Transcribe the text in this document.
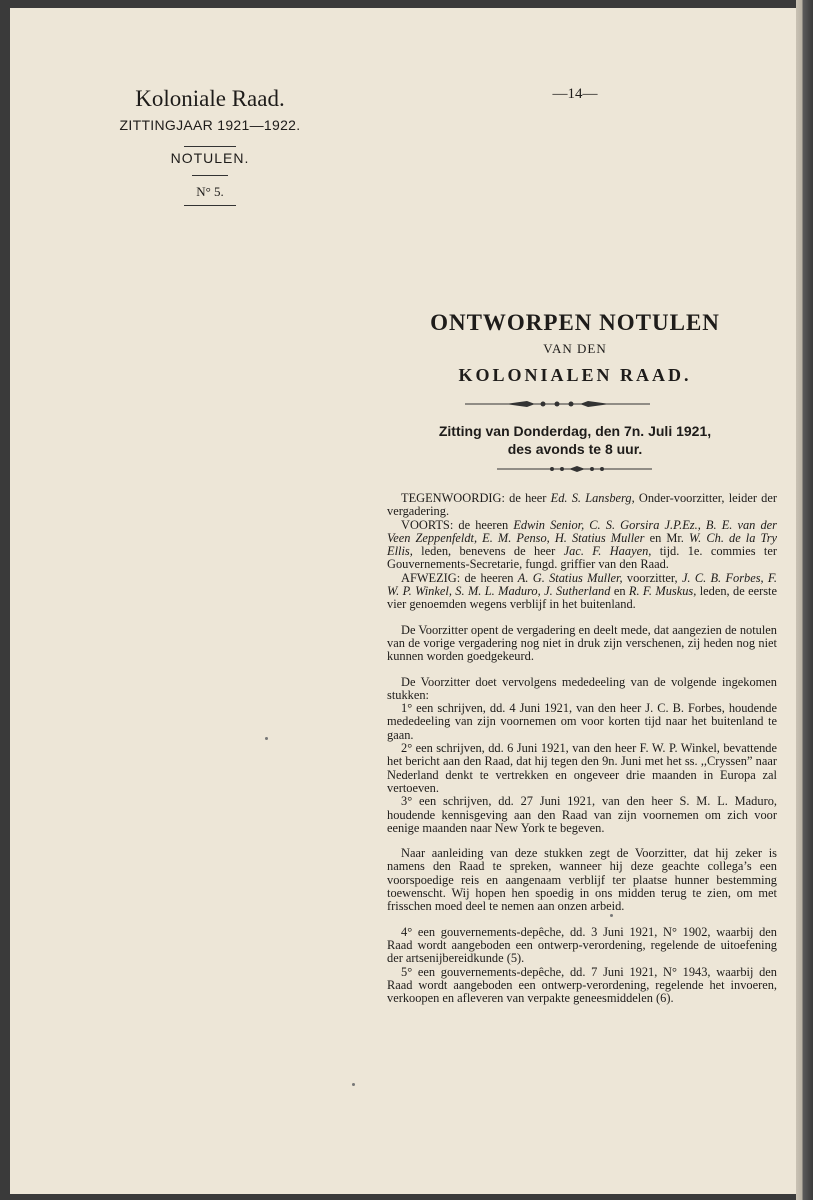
Koloniale Raad.
ZITTINGJAAR 1921—1922.
NOTULEN.
N° 5.
—14—
ONTWORPEN NOTULEN
VAN DEN
KOLONIALEN RAAD.
Zitting van Donderdag, den 7n. Juli 1921,
des avonds te 8 uur.

TEGENWOORDIG: de heer Ed. S. Lansberg, Onder-voorzitter, leider der vergadering.

VOORTS: de heeren Edwin Senior, C. S. Gorsira J.P.Ez., B. E. van der Veen Zeppenfeldt, E. M. Penso, H. Statius Muller en Mr. W. Ch. de la Try Ellis, leden, benevens de heer Jac. F. Haayen, tijd. 1e. commies ter Gouvernements-Secretarie, fungd. griffier van den Raad.

AFWEZIG: de heeren A. G. Statius Muller, voorzitter, J. C. B. Forbes, F. W. P. Winkel, S. M. L. Maduro, J. Sutherland en R. F. Muskus, leden, de eerste vier genoemden wegens verblijf in het buitenland.

De Voorzitter opent de vergadering en deelt mede, dat aangezien de notulen van de vorige vergadering nog niet in druk zijn verschenen, zij heden nog niet kunnen worden goedgekeurd.

De Voorzitter doet vervolgens mededeeling van de volgende ingekomen stukken:

1° een schrijven, dd. 4 Juni 1921, van den heer J. C. B. Forbes, houdende mededeeling van zijn voornemen om voor korten tijd naar het buitenland te gaan.

2° een schrijven, dd. 6 Juni 1921, van den heer F. W. P. Winkel, bevattende het bericht aan den Raad, dat hij tegen den 9n. Juni met het ss. ,,Cryssen” naar Nederland denkt te vertrekken en ongeveer drie maanden in Europa zal vertoeven.

3° een schrijven, dd. 27 Juni 1921, van den heer S. M. L. Maduro, houdende kennisgeving aan den Raad van zijn voornemen om zich voor eenige maanden naar New York te begeven.

Naar aanleiding van deze stukken zegt de Voorzitter, dat hij zeker is namens den Raad te spreken, wanneer hij deze geachte collega’s een voorspoedige reis en aangenaam verblijf ter plaatse hunner bestemming toewenscht. Wij hopen hen spoedig in ons midden terug te zien, om met frisschen moed deel te nemen aan onzen arbeid.

4° een gouvernements-depêche, dd. 3 Juni 1921, N° 1902, waarbij den Raad wordt aangeboden een ontwerp-verordening, regelende de uitoefening der artsenijbereidkunde (5).

5° een gouvernements-depêche, dd. 7 Juni 1921, N° 1943, waarbij den Raad wordt aangeboden een ontwerp-verordening, regelende het invoeren, verkoopen en afleveren van verpakte geneesmiddelen (6).
